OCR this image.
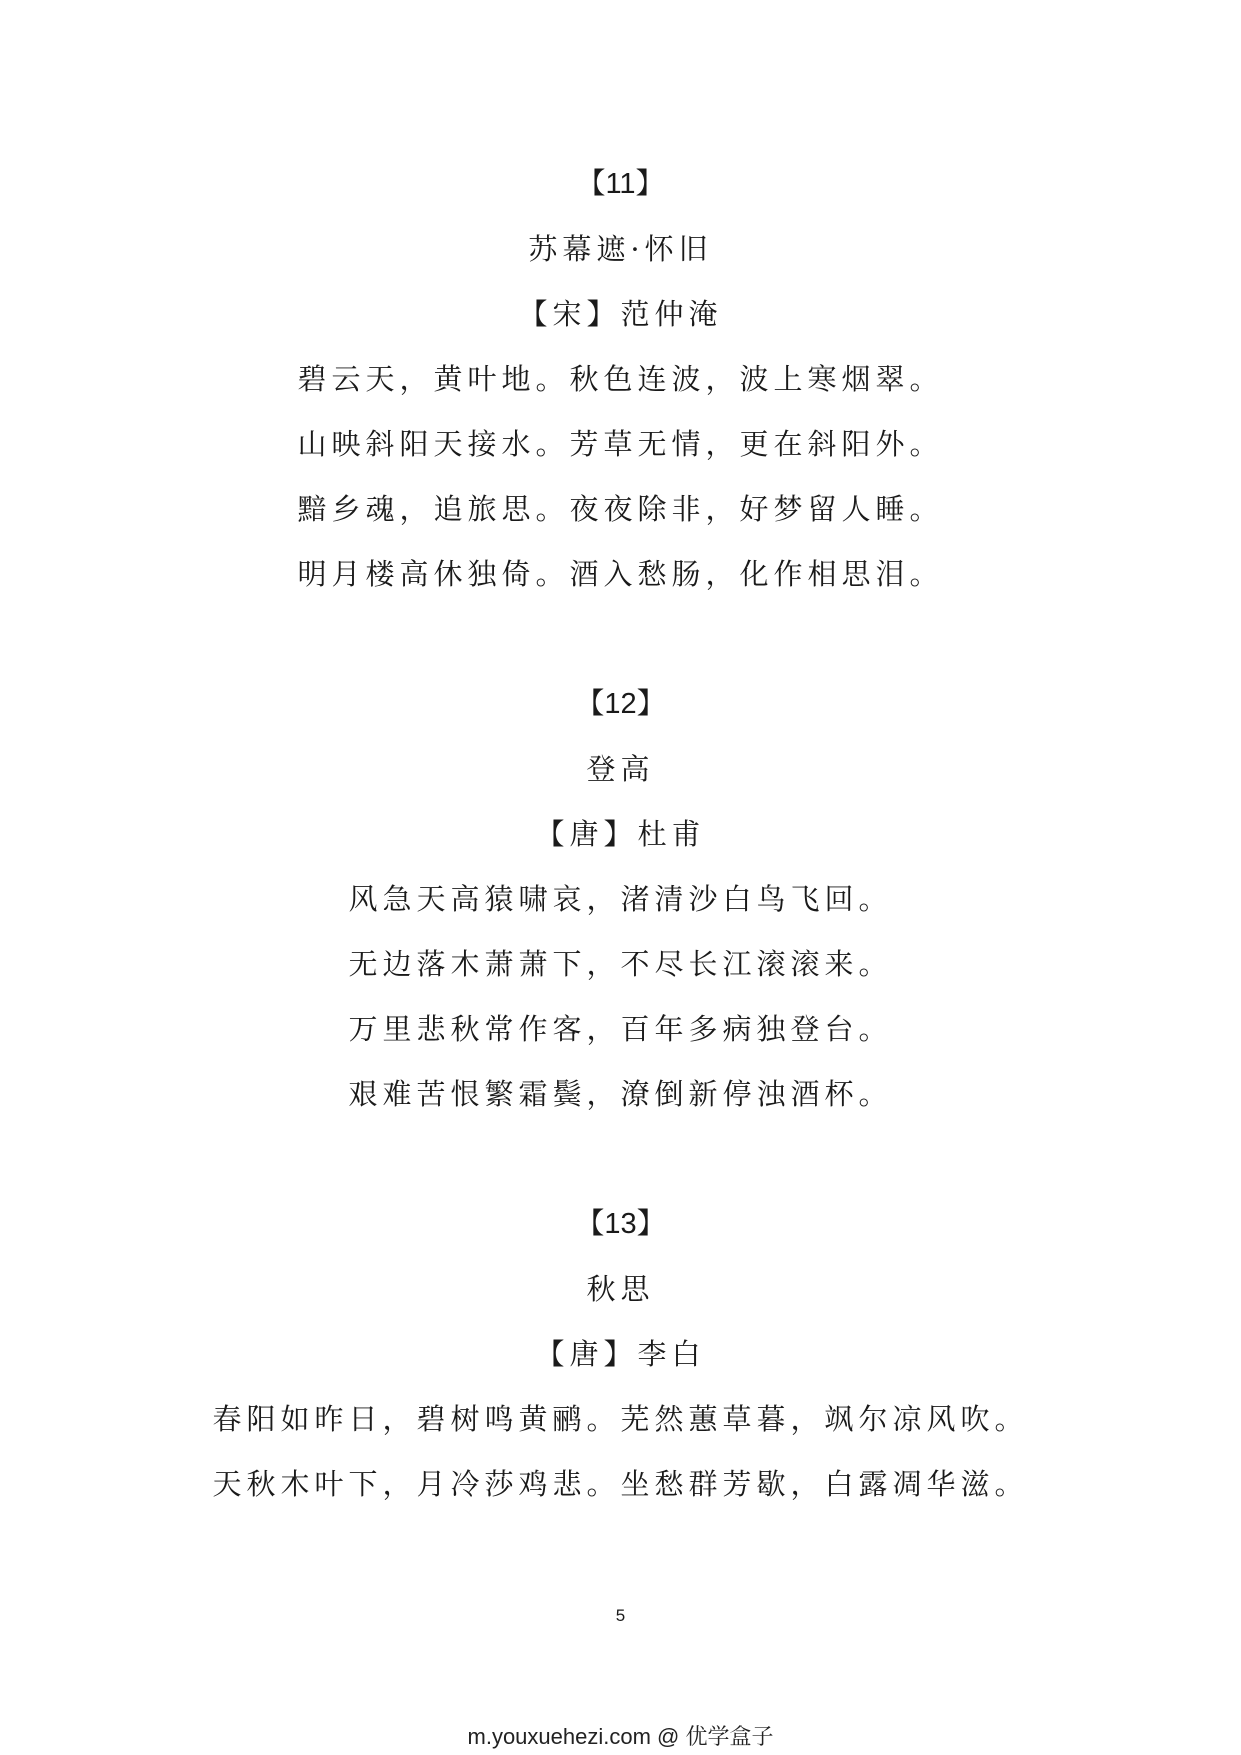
【11】
苏幕遮·怀旧
【宋】范仲淹
碧云天，黄叶地。秋色连波，波上寒烟翠。
山映斜阳天接水。芳草无情，更在斜阳外。
黯乡魂，追旅思。夜夜除非，好梦留人睡。
明月楼高休独倚。酒入愁肠，化作相思泪。
【12】
登高
【唐】杜甫
风急天高猿啸哀，渚清沙白鸟飞回。
无边落木萧萧下，不尽长江滚滚来。
万里悲秋常作客，百年多病独登台。
艰难苦恨繁霜鬓，潦倒新停浊酒杯。
【13】
秋思
【唐】李白
春阳如昨日，碧树鸣黄鹂。芜然蕙草暮，飒尔凉风吹。
天秋木叶下，月冷莎鸡悲。坐愁群芳歇，白露凋华滋。
5
m.youxuehezi.com @ 优学盒子
